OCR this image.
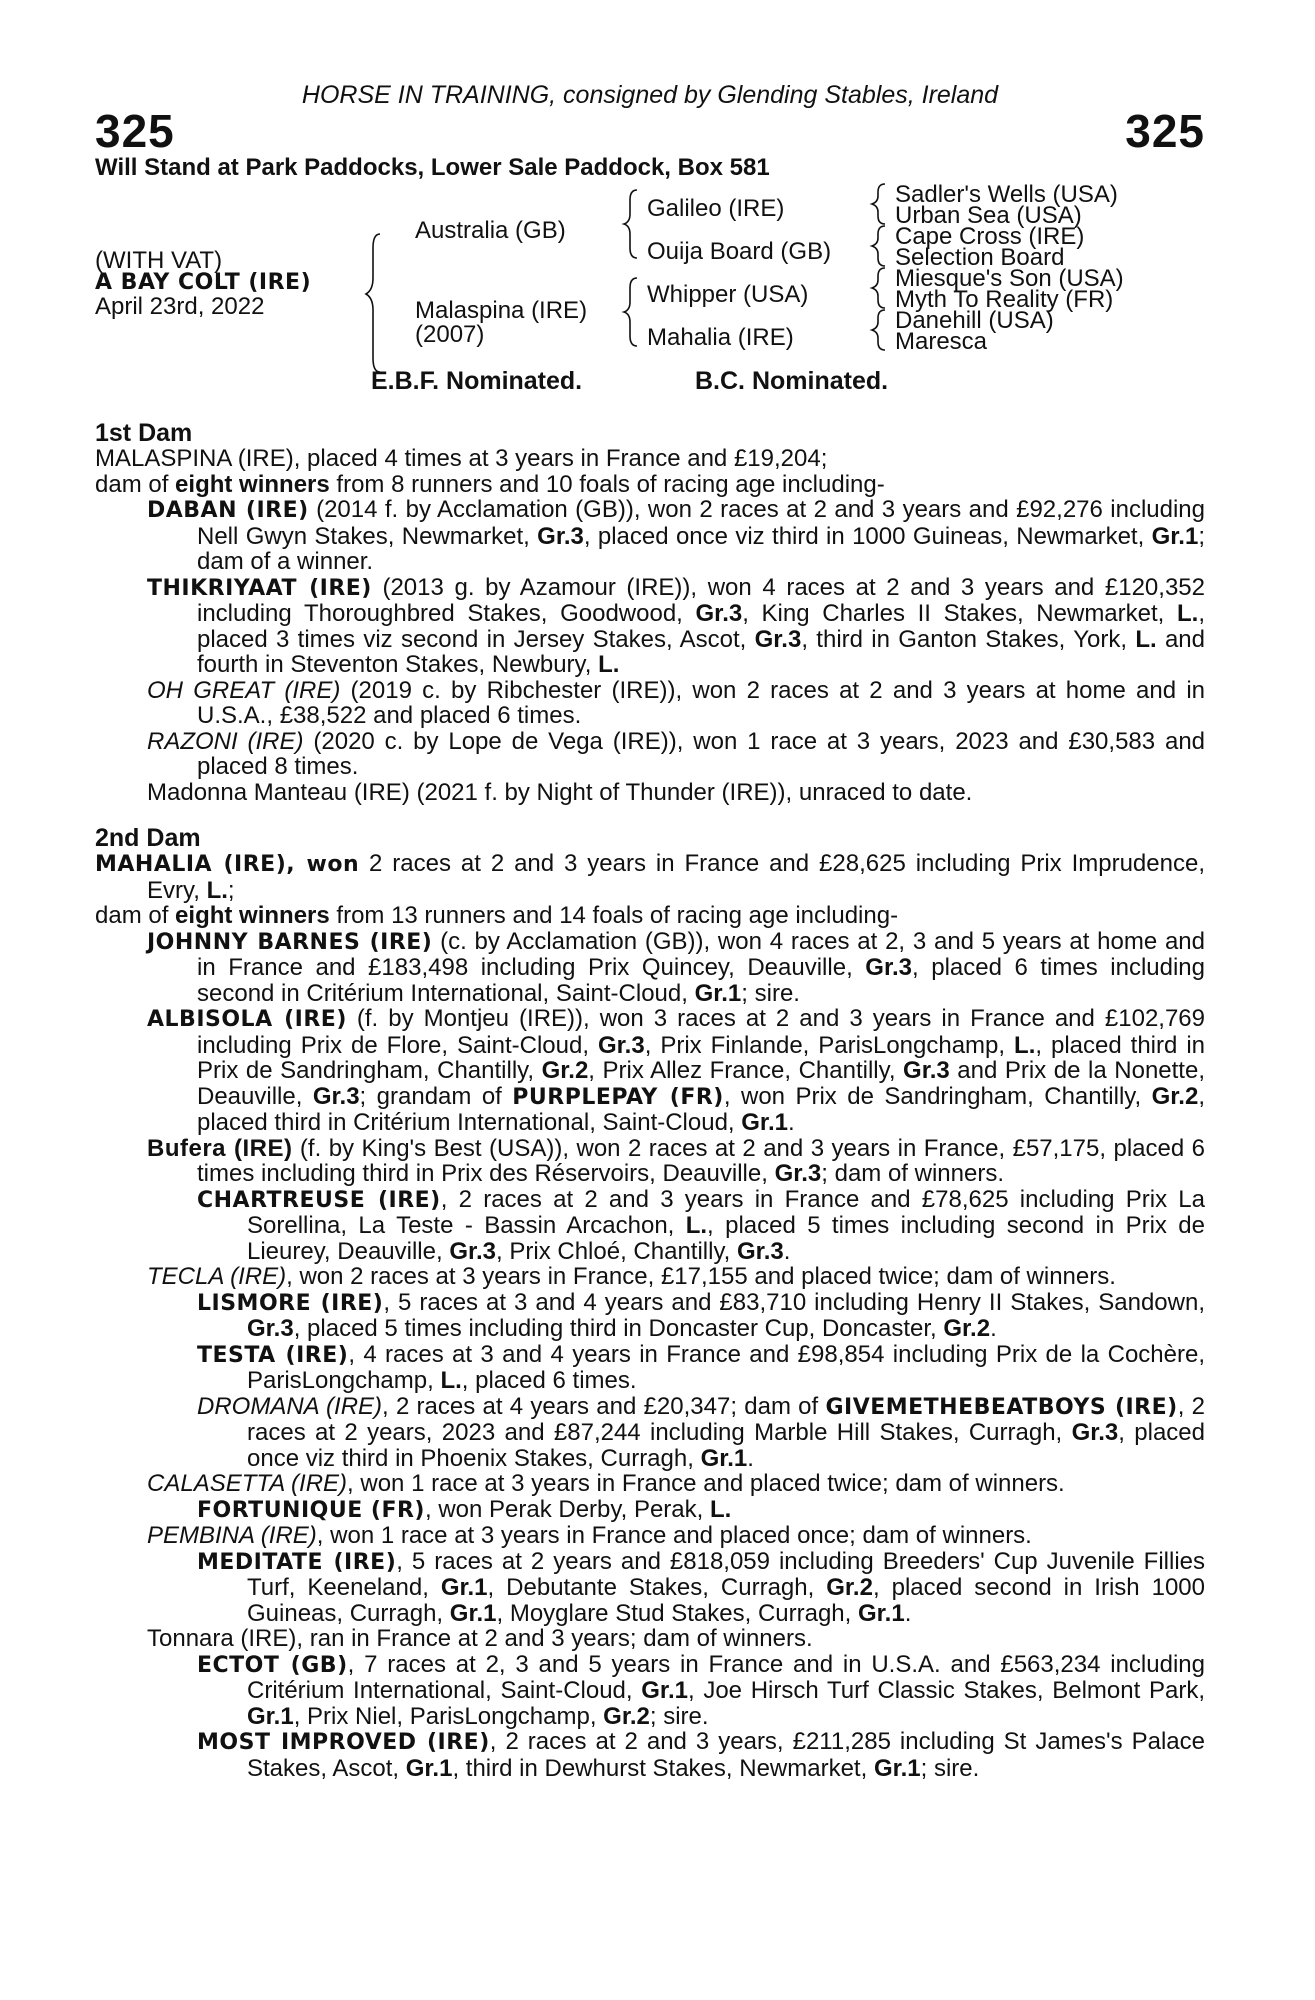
HORSE IN TRAINING, consigned by Glending Stables, Ireland
325	325
Will Stand at Park Paddocks, Lower Sale Paddock, Box 581
(WITH VAT)
A BAY COLT (IRE)
April 23rd, 2022
Australia (GB)
Malaspina (IRE)
(2007)
Galileo (IRE)
Ouija Board (GB)
Whipper (USA)
Mahalia (IRE)
Sadler's Wells (USA)
Urban Sea (USA)
Cape Cross (IRE)
Selection Board
Miesque's Son (USA)
Myth To Reality (FR)
Danehill (USA)
Maresca
E.B.F. Nominated.	B.C. Nominated.
1st Dam

MALASPINA (IRE), placed 4 times at 3 years in France and £19,204;

dam of eight winners from 8 runners and 10 foals of racing age including-

DABAN (IRE) (2014 f. by Acclamation (GB)), won 2 races at 2 and 3 years and £92,276 including Nell Gwyn Stakes, Newmarket, Gr.3, placed once viz third in 1000 Guineas, Newmarket, Gr.1; dam of a winner.

THIKRIYAAT (IRE) (2013 g. by Azamour (IRE)), won 4 races at 2 and 3 years and £120,352 including Thoroughbred Stakes, Goodwood, Gr.3, King Charles II Stakes, Newmarket, L., placed 3 times viz second in Jersey Stakes, Ascot, Gr.3, third in Ganton Stakes, York, L. and fourth in Steventon Stakes, Newbury, L.

OH GREAT (IRE) (2019 c. by Ribchester (IRE)), won 2 races at 2 and 3 years at home and in U.S.A., £38,522 and placed 6 times.

RAZONI (IRE) (2020 c. by Lope de Vega (IRE)), won 1 race at 3 years, 2023 and £30,583 and placed 8 times.

Madonna Manteau (IRE) (2021 f. by Night of Thunder (IRE)), unraced to date.

2nd Dam

MAHALIA (IRE), won 2 races at 2 and 3 years in France and £28,625 including Prix Imprudence, Evry, L.;

dam of eight winners from 13 runners and 14 foals of racing age including-

JOHNNY BARNES (IRE) (c. by Acclamation (GB)), won 4 races at 2, 3 and 5 years at home and in France and £183,498 including Prix Quincey, Deauville, Gr.3, placed 6 times including second in Critérium International, Saint-Cloud, Gr.1; sire.

ALBISOLA (IRE) (f. by Montjeu (IRE)), won 3 races at 2 and 3 years in France and £102,769 including Prix de Flore, Saint-Cloud, Gr.3, Prix Finlande, ParisLongchamp, L., placed third in Prix de Sandringham, Chantilly, Gr.2, Prix Allez France, Chantilly, Gr.3 and Prix de la Nonette, Deauville, Gr.3; grandam of PURPLEPAY (FR), won Prix de Sandringham, Chantilly, Gr.2, placed third in Critérium International, Saint-Cloud, Gr.1.

Bufera (IRE) (f. by King's Best (USA)), won 2 races at 2 and 3 years in France, £57,175, placed 6 times including third in Prix des Réservoirs, Deauville, Gr.3; dam of winners.

CHARTREUSE (IRE), 2 races at 2 and 3 years in France and £78,625 including Prix La Sorellina, La Teste - Bassin Arcachon, L., placed 5 times including second in Prix de Lieurey, Deauville, Gr.3, Prix Chloé, Chantilly, Gr.3.

TECLA (IRE), won 2 races at 3 years in France, £17,155 and placed twice; dam of winners.

LISMORE (IRE), 5 races at 3 and 4 years and £83,710 including Henry II Stakes, Sandown, Gr.3, placed 5 times including third in Doncaster Cup, Doncaster, Gr.2.

TESTA (IRE), 4 races at 3 and 4 years in France and £98,854 including Prix de la Cochère, ParisLongchamp, L., placed 6 times.

DROMANA (IRE), 2 races at 4 years and £20,347; dam of GIVEMETHEBEATBOYS (IRE), 2 races at 2 years, 2023 and £87,244 including Marble Hill Stakes, Curragh, Gr.3, placed once viz third in Phoenix Stakes, Curragh, Gr.1.

CALASETTA (IRE), won 1 race at 3 years in France and placed twice; dam of winners.

FORTUNIQUE (FR), won Perak Derby, Perak, L.

PEMBINA (IRE), won 1 race at 3 years in France and placed once; dam of winners.

MEDITATE (IRE), 5 races at 2 years and £818,059 including Breeders' Cup Juvenile Fillies Turf, Keeneland, Gr.1, Debutante Stakes, Curragh, Gr.2, placed second in Irish 1000 Guineas, Curragh, Gr.1, Moyglare Stud Stakes, Curragh, Gr.1.

Tonnara (IRE), ran in France at 2 and 3 years; dam of winners.

ECTOT (GB), 7 races at 2, 3 and 5 years in France and in U.S.A. and £563,234 including Critérium International, Saint-Cloud, Gr.1, Joe Hirsch Turf Classic Stakes, Belmont Park, Gr.1, Prix Niel, ParisLongchamp, Gr.2; sire.

MOST IMPROVED (IRE), 2 races at 2 and 3 years, £211,285 including St James's Palace Stakes, Ascot, Gr.1, third in Dewhurst Stakes, Newmarket, Gr.1; sire.
